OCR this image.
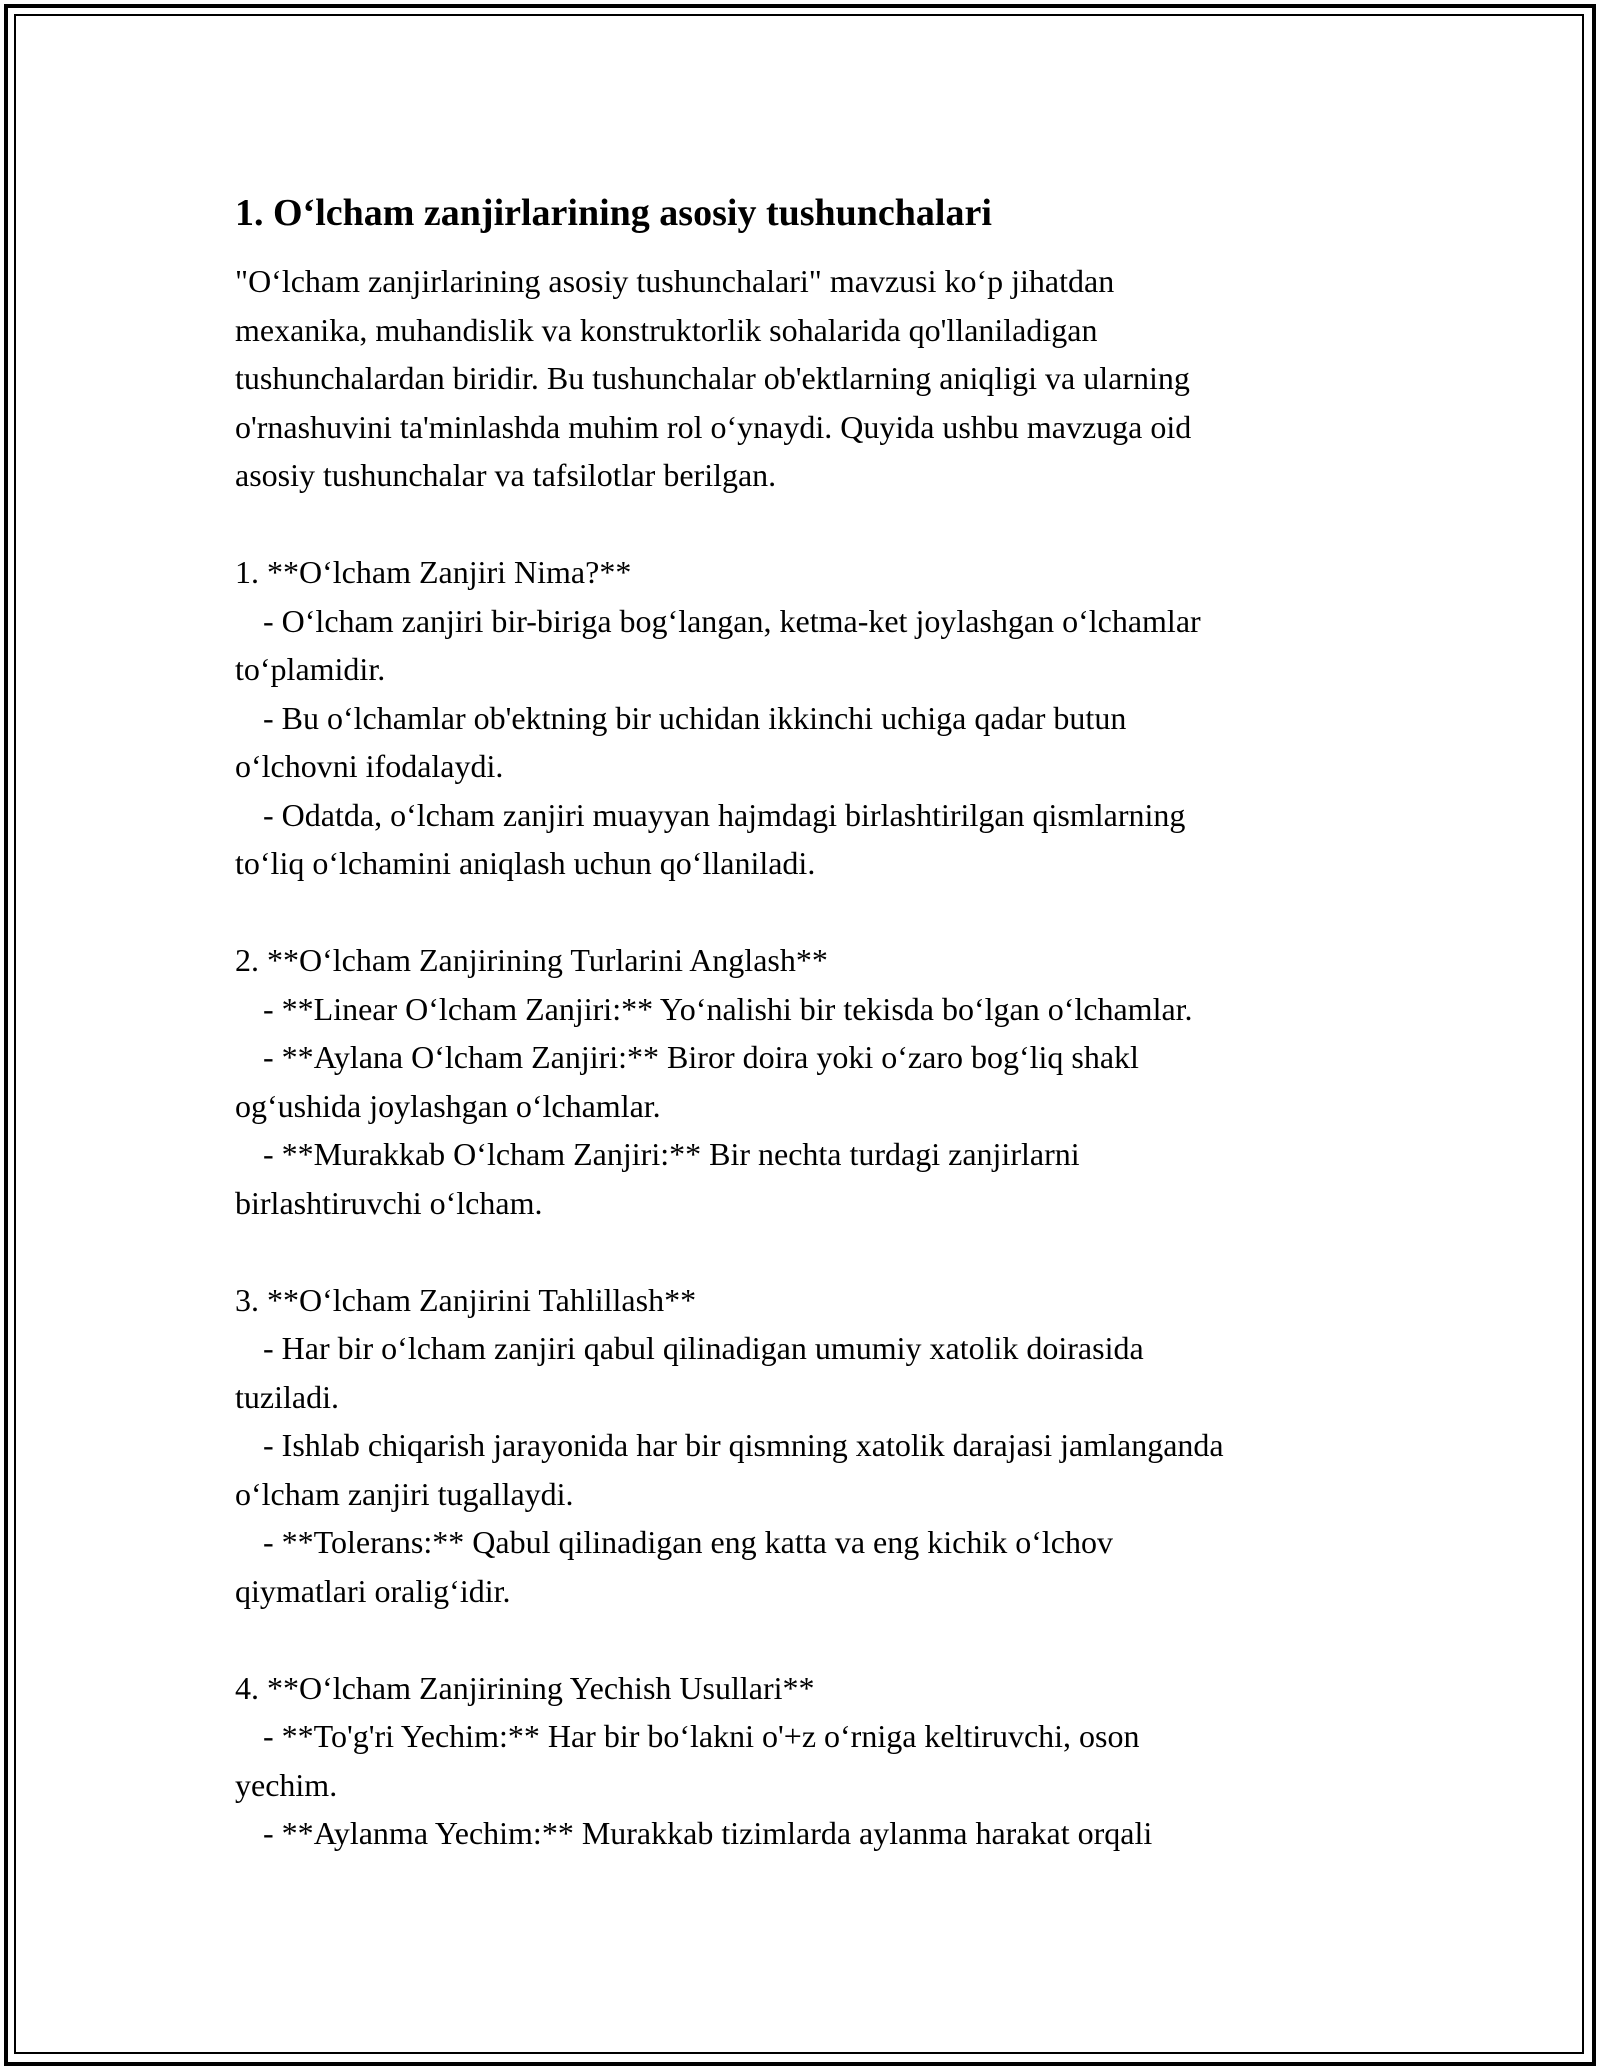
1. Oʻlcham zanjirlarining asosiy tushunchalari
"Oʻlcham zanjirlarining asosiy tushunchalari" mavzusi koʻp jihatdan
mexanika, muhandislik va konstruktorlik sohalarida qo'llaniladigan
tushunchalardan biridir. Bu tushunchalar ob'ektlarning aniqligi va ularning
o'rnashuvini ta'minlashda muhim rol oʻynaydi. Quyida ushbu mavzuga oid
asosiy tushunchalar va tafsilotlar berilgan.
1. **Oʻlcham Zanjiri Nima?**
- Oʻlcham zanjiri bir-biriga bogʻlangan, ketma-ket joylashgan oʻlchamlar
toʻplamidir.
- Bu oʻlchamlar ob'ektning bir uchidan ikkinchi uchiga qadar butun
oʻlchovni ifodalaydi.
- Odatda, oʻlcham zanjiri muayyan hajmdagi birlashtirilgan qismlarning
toʻliq oʻlchamini aniqlash uchun qoʻllaniladi.
2. **Oʻlcham Zanjirining Turlarini Anglash**
- **Linear Oʻlcham Zanjiri:** Yoʻnalishi bir tekisda boʻlgan oʻlchamlar.
- **Aylana Oʻlcham Zanjiri:** Biror doira yoki oʻzaro bogʻliq shakl
ogʻushida joylashgan oʻlchamlar.
- **Murakkab Oʻlcham Zanjiri:** Bir nechta turdagi zanjirlarni
birlashtiruvchi oʻlcham.
3. **Oʻlcham Zanjirini Tahlillash**
- Har bir oʻlcham zanjiri qabul qilinadigan umumiy xatolik doirasida
tuziladi.
- Ishlab chiqarish jarayonida har bir qismning xatolik darajasi jamlanganda
oʻlcham zanjiri tugallaydi.
- **Tolerans:** Qabul qilinadigan eng katta va eng kichik oʻlchov
qiymatlari oraligʻidir.
4. **Oʻlcham Zanjirining Yechish Usullari**
- **To'g'ri Yechim:** Har bir boʻlakni o'+z oʻrniga keltiruvchi, oson
yechim.
- **Aylanma Yechim:** Murakkab tizimlarda aylanma harakat orqali
